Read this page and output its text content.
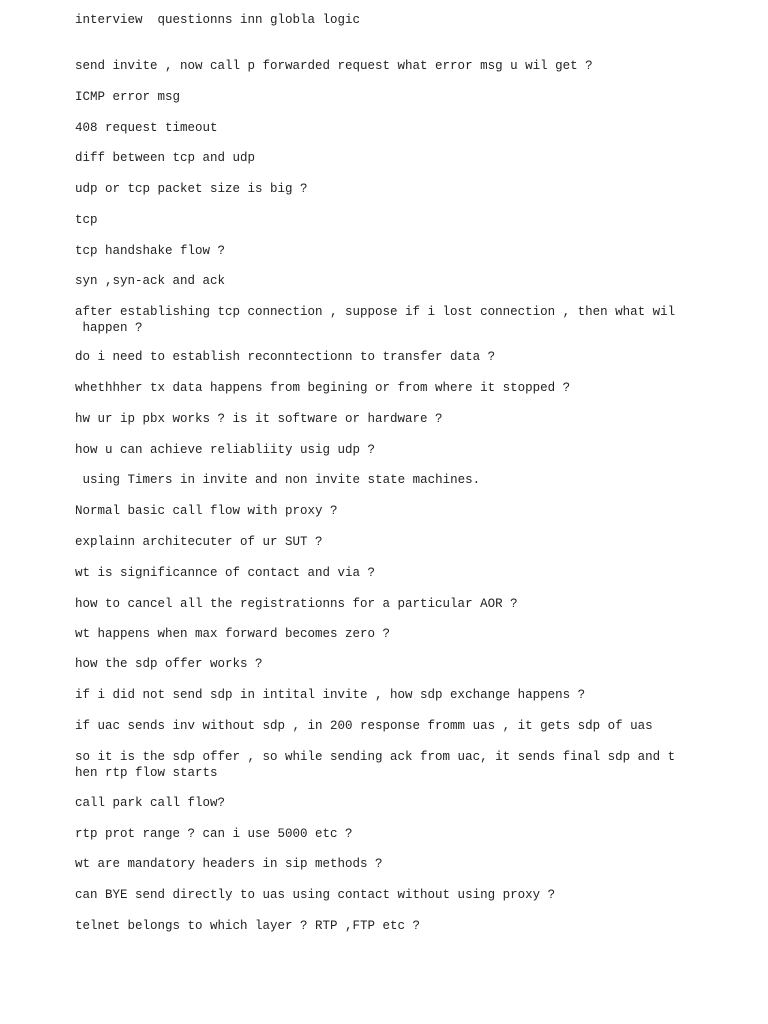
interview  questionns inn globla logic

send invite , now call p forwarded request what error msg u wil get ?

ICMP error msg

408 request timeout

diff between tcp and udp

udp or tcp packet size is big ?

tcp

tcp handshake flow ?

syn ,syn-ack and ack

after establishing tcp connection , suppose if i lost connection , then what wil
happen ?

do i need to establish reconntectionn to transfer data ?

whethhher tx data happens from begining or from where it stopped ?

hw ur ip pbx works ? is it software or hardware ?

how u can achieve reliabliity usig udp ?

using Timers in invite and non invite state machines.

Normal basic call flow with proxy ?

explainn architecuter of ur SUT ?

wt is significannce of contact and via ?

how to cancel all the registrationns for a particular AOR ?

wt happens when max forward becomes zero ?

how the sdp offer works ?

if i did not send sdp in intital invite , how sdp exchange happens ?

if uac sends inv without sdp , in 200 response fromm uas , it gets sdp of uas

so it is the sdp offer , so while sending ack from uac, it sends final sdp and t
hen rtp flow starts

call park call flow?

rtp prot range ? can i use 5000 etc ?

wt are mandatory headers in sip methods ?

can BYE send directly to uas using contact without using proxy ?

telnet belongs to which layer ? RTP ,FTP etc ?
